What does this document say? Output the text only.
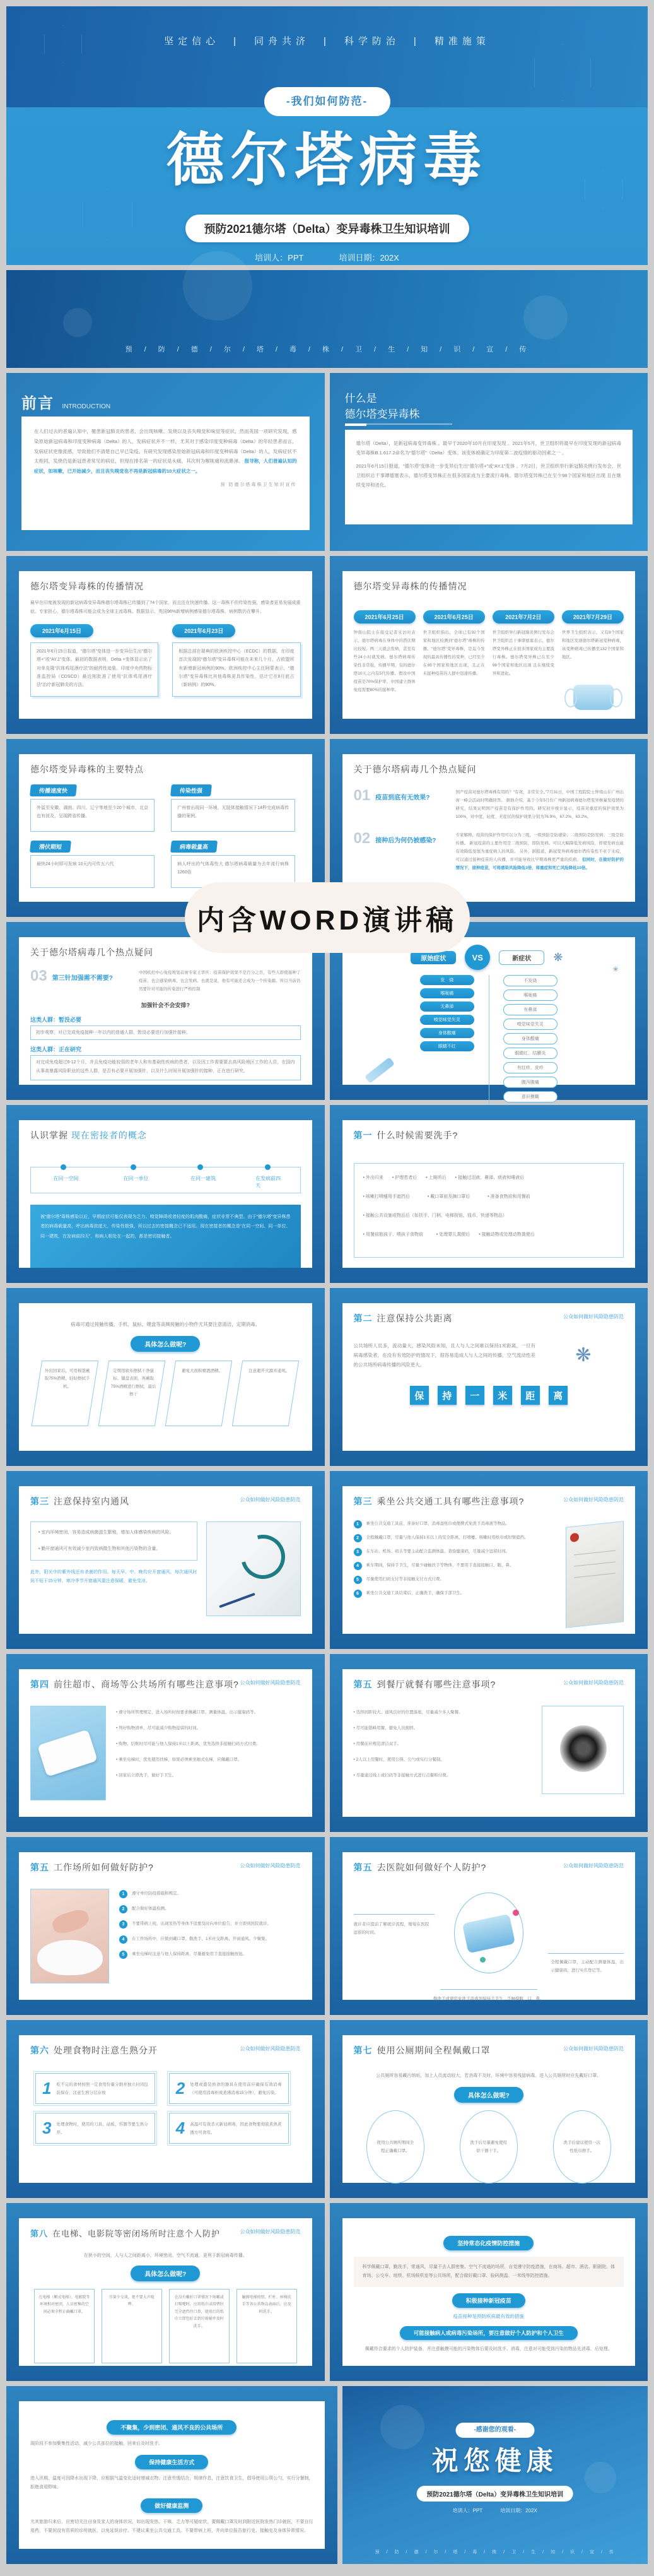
内含WORD演讲稿
坚定信心　|　同舟共济　|　科学防治　|　精准施策
-我们如何防范-
德尔塔病毒
预防2021德尔塔（Delta）变异毒株卫生知识培训
培训人：PPT	培训日期：202X
预　/　防　/　德　/　尔　/　塔　/　毒　/　株　/　卫　/　生　/　知　/　识　/　宣　/　传
前言 INTRODUCTION

在人们过去的普遍认知中，罹患新冠肺炎的患者，会出现咳嗽、发烧以及丧失嗅觉和味觉等症状，然而英国一项研究发现，感染原始新冠病毒和印度变种病毒（Delta）的人，发病症状并不一样，尤其对于感染印度变种病毒（Delta）的年轻患者而言，发病症状更像流感，导致他们不清楚自己早已染疫。有研究发现感染原始新冠病毒和印度变种病毒（Delta）的人，发病症状不太相同，发烧仍是新冠患者常见的病征，但现在排名第一的症状是头痛，其次则为喉咙痛和流鼻涕。 报导称，人们普遍认知的症状，如咳嗽，已开始减少，而且丧失嗅觉也不再是新冠病毒的10大症状之一。

预 防德尔塔毒株卫生知识宣传
什么是
德尔塔变异毒株

德尔塔（Delta），是新冠病毒变异毒株 。最早于2020年10月在印度发现 。2021年5月，世卫组织将最早在印度发现的新冠病毒变异毒株B.1.617.2命名为“德尔塔”（Delta）变体。该变体被确定为印度第二波疫情的驱动因素之一 。

2021年6月15日报道，“德尔塔”变体进一步变异衍生出“德尔塔+”或“AY.1”变体 。7月2日，世卫组织举行新冠肺炎例行发布会，世卫组织总干事谭德塞表示，德尔塔变异株正在很多国家成为主要流行毒株。德尔塔变异株已在至少98个国家和地区出现 且在继续变异和进化。

德尔塔变异毒株的传播情况

最早在印度被发现的新冠病毒变异毒株德尔塔毒株已传播到了74个国家，而且还在快速传播。这一毒株不但传染性强，感染者更易发展成重症。专家担心，德尔塔毒株可能会成为全球主流毒株。数据显示，英国96%新增病例感染德尔塔毒株，病例数仍在攀升。

2021年6月15日
2021年6月15日报道，“德尔塔”变体进一步变异衍生出“德尔塔+”或“AY.1”变体。最初的数据表明，Delta +变体显示出了对单克隆“抗体鸡尾酒疗法”的耐药性迹象。印度中央药物标准监控局（CDSCO）最近刚批准了使用“抗体鸡尾酒疗法”治疗新冠肺炎的方法。
2021年6月23日
根据总部在瑞典的欧洲疾控中心（ECDC）的数据，在印度首次发现的“德尔塔”变异毒株可能在未来几个月，占欧盟所有新增新冠病例的90%。欧洲疾控中心主任阿蒙表示，“德尔塔”变异毒株比其他毒株更具传染性，估计它在8月底占（新病例）的90%。
德尔塔变异毒株的传播情况
2021年6月25日

钟南山院士在接受记者采访时表示，德尔塔病毒在身体中的潜伏期比较短，两三天就会发病，甚至有些24小时就发病。德尔塔病毒传染性非常强，传播早期，有的德尔塔10天之内有5代传播。假设中国疫苗是70%保护率，中国建立群体免疫需要80%的接种率。

2021年6月25日

世卫组织指出，全球已有92个国家和地区检测到“德尔塔”毒株的传播。“德尔塔”变异毒株，是迄今发现的最具传播性的变种，已经至少在85个国家和地区出现，且正在未接种疫苗的人群中迅速传播。

2021年7月2日

世卫组织举行新冠肺炎例行发布会世卫组织总干事谭德塞表示，德尔塔变异株正在很多国家成为主要流行毒株。德尔塔变异株已在至少98个国家和地区出现 且在继续变异和进化。

2021年7月29日

世界卫生组织表示，又有8个国家和地区发现德尔塔新冠变种病毒，该变种病毒已传播至132个国家和地区。

德尔塔变异毒株的主要特点
传播速度快
外溢至安徽、湖南、四川、辽宁等地至少20个城市，北京也有波及，呈现跨省传播。
传染性强
广州曾出现同一环境，无肢体接触情况下14秒完成病毒传播的案例。
潜伏期短
最快24小时即可发病 10天内可传五六代
病毒载量高
病人呼出的气体毒性大 德尔塔病毒载量为去年流行病株1260倍
关于德尔塔病毒几个热点疑问
01 疫苗到底有无效果?

国产疫苗对德尔塔毒株有用吗？“有效，非常安全。”7月31日，中国工程院院士钟南山在广州出席一峰会活动时明确回答。 据他介绍，基于今年5月份广州新冠病毒德尔塔变异株暴发疫情的研究，结果证明国产疫苗是有保护作用的。研究初步统计显示，疫苗对重症的保护效果为100%，对中度、轻度、无症状的保护效果分别为76.9%、67.2%、63.2%。

02 接种后为何仍被感染?

专家解释，疫苗的保护作用可以分为三级，一级预防是防感染；二级预防是防发病；三级是防传播。 新冠疫苗的主要作用是二级预防，即防发病。可以大幅降低发病风险，即使发病也能有效降低发展为重症病人的风险。 另外，据报道，新冠变异病毒德尔塔传染性不亚于水痘，可以通过接种疫苗的人传播，并可能导致比早期毒株更严重的疾病。 但同时，在做好防护的情况下，接种疫苗，可将感染风险降低3倍，将重症和死亡风险降低10倍。

关于德尔塔病毒几个热点疑问
03 第三针加强需不需要?

中国疾控中心免疫规划首席专家王华庆：疫苗保护效果不是百分之百，有些人即使接种了疫苗，也会感染病毒，也会发病。也就是说，他有可能还会成为一个传染源。所以当前仍然要针对可能的传染进行严格控制

加强针会不会安排?
这类人群：暂没必要
初步观察，对已完成免疫接种一年以内的普通人群，暂没必要进行加强针接种。
这类人群：正在研究
对完成免疫超过6-12个月，并且免疫功能较弱的老年人和有基础性疾病的患者，以及因工作需要要去高风险地区工作的人员，在国内从事高暴露风险职业的这些人群，是否有必要开展加强针，以及什么时间开展加强针的接种，正在进行研究。
原始症状	VS	新症状	❋
发　烧
喉咙痛
无鼻涕
嗅觉味觉失灵
身体酸痛
眼睛不红
不发烧
喉咙痛
有鼻涕
嗅觉味觉失灵
身体酸痛
眼睛红、结膜炎
有红疹、皮疹
腹泻腹痛
意识模糊
✳
认识掌握 现在密接者的概念
在同一空间	在同一单位	在同一建筑	在发病前四天
被“德尔塔”毒株感染以后，早期症状可能仅表现为乏力、嗅觉障碍或者轻度的肌肉酸痛，症状非常不典型。由于“德尔塔”变异株患者的病毒载量高，呼出病毒浓度大，传染性极强，所以过去的密接概念已不适用。现在密接者的概念是“在同一空间、同一单位、同一建筑，在发病前四天”，和病人相处在一起的，都是密切接触者。
第一 什么时候需要洗手?
• 外出归来　　• 护理患者后　　• 上厕所后　　• 接触过泪液、鼻涕、痰液和唾液后
• 咳嗽打喷嚏用手遮挡后　　　　• 戴口罩前及摘口罩后　　　　• 准备食物前和用餐前
• 接触公共设施或物品后（如扶手、门柄、电梯按钮、钱币、快递等物品）
• 用餐前抱孩子、喂孩子食物前　　　• 处理婴儿粪便后　　• 接触动物或处理动物粪便后

病毒可通过接触传播，手机、鼠标、键盘等高频接触的小物件尤其要注意清洁，定期消毒。

具体怎么做呢?
外出回家后，可用棉签蘸取75%酒精，轻轻擦拭手机。
定期用软布擦拭干净鼠标、键盘表面，再蘸取75%酒精进行擦拭，最后擦干
避免大面积喷洒酒精。	注意避开火源并通风。
第二 注意保持公共距离	公众如何做好风险隐患防范

公共场所人员多，流动量大，感染风险未知，且人与人之间难以保持1米距离，一旦有病毒感染者，在没有有效防护的情况下，很容易造成人与人之间的传播，空气流动性差的公共场所病毒传播的风险更大。	❋
保	持	一	米	距	离
第三 注意保持室内通风	公众如何做好风险隐患防范
• 室内环境密闭，容易造成病菌滋生繁殖，增加人体感染疾病的风险。
• 勤开窗通风可有效减少室内致病微生物和其他污染物的含量。

此外，阳光中的紫外线还有杀菌的作用。每天早、中、晚均应开窗通风，每次通风时间不短于15分钟，寒冷季节开窗通风要注意保暖，避免受凉。

第三 乘坐公共交通工具有哪些注意事项?	公众如何做好风险隐患防范
1	乘坐公共交通工具前，准备好口罩、消毒湿纸巾或便携式免洗手消毒液等物品。
2	全程佩戴口罩，尽量与他人保持1米以上的安全距离，打喷嚏、咳嗽时用纸巾或肘臂遮挡。
3	在车站、机场、码头等要主动配合监测体温、查验健康码，尽量减少逗留时间。
4	乘车期间，保持手卫生，尽量少碰触扶手等物体，不要用手直接接触口、眼、鼻。
5	尽量使用扫码支付等非接触支付方式付费。
6	乘坐公共交通工具结束后，正确洗手，确保手部卫生。
第四 前往超市、商场等公共场所有哪些注意事项? 公众如何做好风险隐患防范
• 遵守场所管理规定，进入场所时按要求佩戴口罩、测量体温、出示健康码等。
• 列好购物清单，尽可能减少购物逗留的时间。
• 购物、结账时尽可能与他人保持1米以上距离，优先选择非接触扫码方式付费。
• 乘坐电梯时，优先使用扶梯，如果必须乘坐厢式电梯，应佩戴口罩。
• 回家后立即洗手，做好手卫生。
第五 到餐厅就餐有哪些注意事项?	公众如何做好风险隐患防范
• 选择间距较大、通风良好的位置落座，尽量减少多人聚餐。
• 尽可能错峰用餐，避免人员拥挤。
• 用餐前应规范清洁双手。
• 2人以上用餐时，使用公筷、公勺或实行分餐制。
• 尽量通过线上或扫码等非接触方式进行点餐和付费。
第五 工作场所如何做好防护?	公众如何做好风险隐患防范
1	遵守单位防疫措施和规定。
2	配合做好体温检测。
3	不要带病上班，出现发热等身体不适要及时向单位报告，并立即到医院就诊。
4	在工作场所中，应做到戴口罩、勤洗手、1米社交距离、开窗通风、少聚集。
5	乘坐电梯时注意与他人保持距离，尽量避免用手直接接触按钮。
第五 去医院如何做好个人防护?	公众如何做好风险隐患防范

就诊者应提前了解就诊流程，缩短在医院逗留的时间。

全程佩戴口罩，主动配合测量体温，出示健康码，进行实名登记等。

勤洗手或使用免洗手消毒剂保持手卫生，不触摸眼、口、鼻。

第六 处理食物时注意生熟分开	公众如何做好风险隐患防范
1 吃不完的食材按照一定食用份量分割并独立封闭包装保存，注意生熟分层存放	2 处理或盛装熟食的器具在使用前应确保有效消毒（可使用消毒柜或煮沸消毒15分钟），避免污染。
3 处理食物时，使用的刀具、砧板、容器等要生熟分开。	4 高温可有效杀灭新冠病毒，因此食物要彻底煮熟煮透方可食用。
第七 使用公厕期间全程佩戴口罩	公众如何做好风险隐患防范

公共厕所容易藏污纳垢，加上人员流动较大，若消毒不及时，环境中容易残留病毒。进入公共厕所时应先戴好口罩。

具体怎么做呢?
使用公共厕所期间全程正确戴口罩。
洗手后尽量避免使用烘干器干手。
洗手后建议使用一次性纸巾擦手。
第八 在电梯、电影院等密闭场所时注意个人防护	公众如何做好风险隐患防范

在狭小的空间，人与人之间距离小，环境密闭、空气不流通，更利于新冠病毒传播。

具体怎么做呢?
在电梯（厢式电梯）、电影院等环境相对密闭，人员密集的空间必须全程正确戴口罩。
尽量少交谈，更不要大声喧哗。
在没有戴好口罩情况下咳嗽或打喷嚏时，应用纸巾或用臂肘完全遮挡住口鼻，使用后的纸巾立即包好丢到垃圾桶并及时洗手。
触摸电梯按钮、栏杆、座椅扶手等各公共物品表面后，应及时洗手。
坚持常态化疫情防控措施

科学佩戴口罩，勤洗手、常通风，尽量不去人群密集、空气不流通的场所，自觉遵守防疫措施，在商场、超市、酒店、影剧院、体育场、公交车、地铁、机场候机室等公共场所，配合做好戴口罩、验码测温、一米线等防控措施。

积极接种新冠疫苗

疫苗接种是预防疾病最有效的措施

可能接触病人或病毒污染场所，要注意做好个人防护和个人卫生

佩戴符合要求的个人防护装备，并注意触摸可能的污染物体后要及时洗手、消毒，注意对可能受到污染的物品先消毒、后处理。

不聚集，少到密闭、通风不良的公共场所

现阶段不参加聚集性活动，减少公共部位的接触，回来后及时洗手。

保持健康生活方式

进入汛期，温度可因降水出现下降，应根据气温变化适时增减衣物；注意劳逸结合，规律作息，注意饮食卫生，倡导使用公筷公勺，实行分餐制，拒绝食用野味。

做好健康监测

尤其旅游归来后，应密切关注自身及家人的身体状况，如出现发热、干咳、乏力等可疑症状，要佩戴口罩及时到附近医院发热门诊就医，不要自行用药，不要到没有资质的诊所就医，以免延误诊疗。不建议乘坐公共交通工具。不要带病上班，并向单位报告旅行史、接触史及身体异常情况。

-感谢您的观看-
祝您健康
预防2021德尔塔（Delta）变异毒株卫生知识培训
培训人：PPT	培训日期：202X
预　/　防　/　德　/　尔　/　塔　/　毒　/　株　/　卫　/　生　/　知　/　识　/　宣　/　传
